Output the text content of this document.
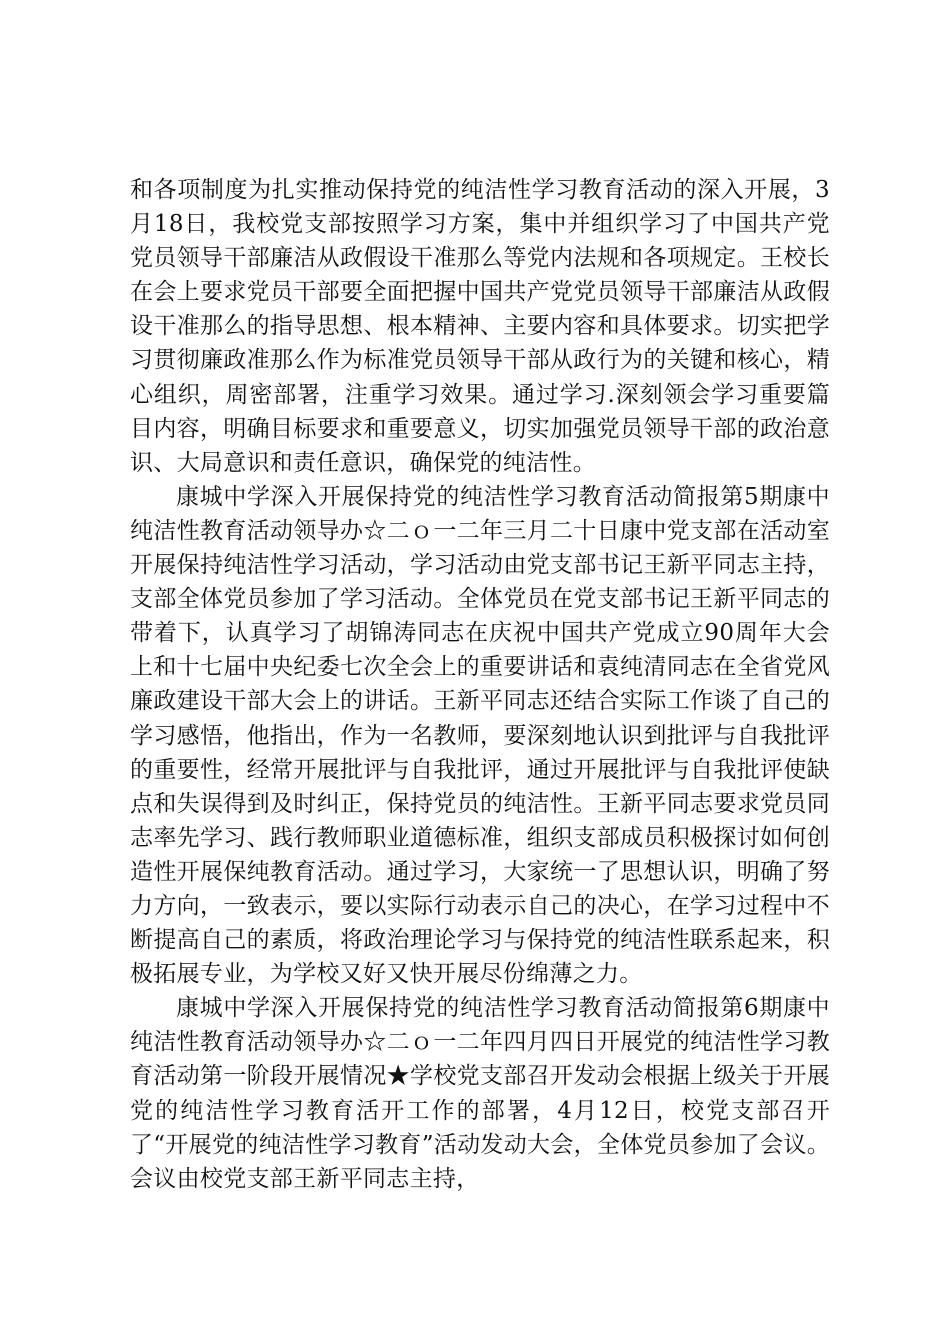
和各项制度为扎实推动保持党的纯洁性学习教育活动的深入开展，3月18日，我校党支部按照学习方案，集中并组织学习了中国共产党党员领导干部廉洁从政假设干准那么等党内法规和各项规定。王校长在会上要求党员干部要全面把握中国共产党党员领导干部廉洁从政假设干准那么的指导思想、根本精神、主要内容和具体要求。切实把学习贯彻廉政准那么作为标准党员领导干部从政行为的关键和核心，精心组织，周密部署，注重学习效果。通过学习.深刻领会学习重要篇目内容，明确目标要求和重要意义，切实加强党员领导干部的政治意识、大局意识和责任意识，确保党的纯洁性。

康城中学深入开展保持党的纯洁性学习教育活动简报第5期康中纯洁性教育活动领导办☆二ｏ一二年三月二十日康中党支部在活动室开展保持纯洁性学习活动，学习活动由党支部书记王新平同志主持，支部全体党员参加了学习活动。全体党员在党支部书记王新平同志的带着下，认真学习了胡锦涛同志在庆祝中国共产党成立90周年大会上和十七届中央纪委七次全会上的重要讲话和袁纯清同志在全省党风廉政建设干部大会上的讲话。王新平同志还结合实际工作谈了自己的学习感悟，他指出，作为一名教师，要深刻地认识到批评与自我批评的重要性，经常开展批评与自我批评，通过开展批评与自我批评使缺点和失误得到及时纠正，保持党员的纯洁性。王新平同志要求党员同志率先学习、践行教师职业道德标准，组织支部成员积极探讨如何创造性开展保纯教育活动。通过学习，大家统一了思想认识，明确了努力方向，一致表示，要以实际行动表示自己的决心，在学习过程中不断提高自己的素质，将政治理论学习与保持党的纯洁性联系起来，积极拓展专业，为学校又好又快开展尽份绵薄之力。

康城中学深入开展保持党的纯洁性学习教育活动简报第6期康中纯洁性教育活动领导办☆二ｏ一二年四月四日开展党的纯洁性学习教育活动第一阶段开展情况★学校党支部召开发动会根据上级关于开展党的纯洁性学习教育活开工作的部署，4月12日，校党支部召开了“开展党的纯洁性学习教育”活动发动大会，全体党员参加了会议。会议由校党支部王新平同志主持，
